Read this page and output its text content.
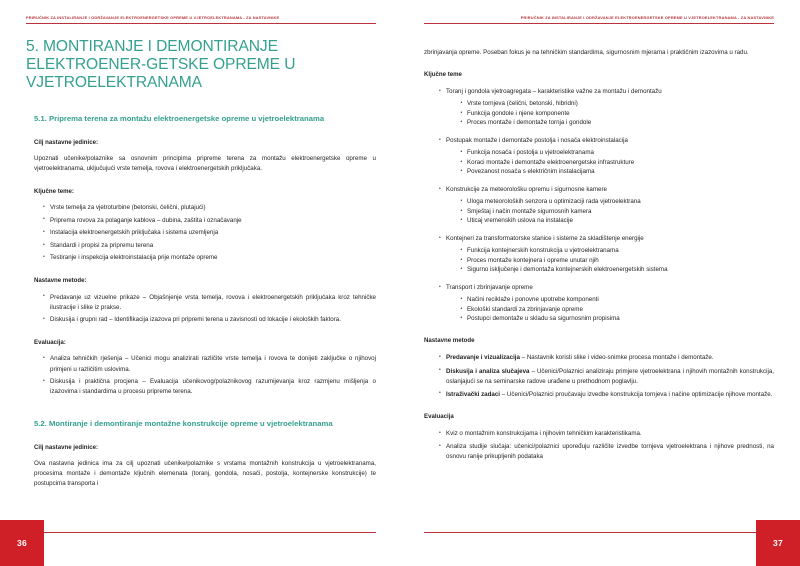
PRIRUČNIK ZA INSTALIRANJE I ODRŽAVANJE ELEKTROENERGETSKE OPREME U VJETROELEKTRANAMA - ZA NASTAVNIKE
5. MONTIRANJE I DEMONTIRANJE ELEKTROENER-GETSKE OPREME U VJETROELEKTRANAMA
5.1. Priprema terena za montažu elektroenergetske opreme u vjetroelektranama
Cilj nastavne jedinice:

Upoznati učenike/polaznike sa osnovnim principima pripreme terena za montažu elektroenergetske opreme u vjetroelektranama, uključujući vrste temelja, rovova i elektroenergetskih priključaka.

Ključne teme:
• Vrste temelja za vjetroturbine (betonski, čelični, plutajući)
• Priprema rovova za polaganje kablova – dubina, zaštita i označavanje
• Instalacija elektroenergetskih priključaka i sistema uzemljenja
• Standardi i propisi za pripremu terena
• Testiranje i inspekcija elektroinstalacija prije montaže opreme
Nastavne metode:
• Predavanje uz vizuelne prikaze – Objašnjenje vrsta temelja, rovova i elektroenergetskih priključaka kroz tehničke ilustracije i slike iz prakse.
• Diskusija i grupni rad – Identifikacija izazova pri pripremi terena u zavisnosti od lokacije i ekoloških faktora.
Evaluacija:
• Analiza tehničkih rješenja – Učenici mogu analizirati različite vrste temelja i rovova te donijeti zaključke o njihovoj primjeni u različitim uslovima.
• Diskusija i praktična procjena – Evaluacija učenikovog/polaznikovog razumijevanja kroz razmjenu mišljenja o izazovima i standardima u procesu pripreme terena.
5.2. Montiranje i demontiranje montažne konstrukcije opreme u vjetroelektranama
Cilj nastavne jedinice:

Ova nastavna jedinica ima za cilj upoznati učenike/polaznike s vrstama montažnih konstrukcija u vjetroelektranama, procesima montaže i demontaže ključnih elemenata (toranj, gondola, nosači, postolja, kontejnerske konstrukcije) te postupcima transporta i

36
PRIRUČNIK ZA INSTALIRANJE I ODRŽAVANJE ELEKTROENERGETSKE OPREME U VJETROELEKTRANAMA - ZA NASTAVNIKE

zbrinjavanja opreme. Poseban fokus je na tehničkim standardima, sigurnosnim mjerama i praktičnim izazovima u radu.

Ključne teme
• Toranj i gondola vjetroagregata – karakteristike važne za montažu i demontažu
• Vrste tornjeva (čelični, betonski, hibridni)
• Funkcija gondole i njene komponente
• Proces montaže i demontaže tornja i gondole
• Postupak montaže i demontaže postolja i nosača elektroinstalacija
• Funkcija nosača i postolja u vjetroelektranama
• Koraci montaže i demontaže elektroenergetske infrastrukture
• Povezanost nosača s električnim instalacijama
• Konstrukcije za meteorološku opremu i sigurnosne kamere
• Uloga meteoroloških senzora u optimizaciji rada vjetroelektrana
• Smještaj i način montaže sigurnosnih kamera
• Uticaj vremenskih uslova na instalacije
• Kontejneri za transformatorske stanice i sisteme za skladištenje energije
• Funkcija kontejnerskih konstrukcija u vjetroelektranama
• Proces montaže kontejnera i opreme unutar njih
• Sigurno isključenje i demontaža kontejnerskih elektroenergetskih sistema
• Transport i zbrinjavanje opreme
• Načini reciklaže i ponovne upotrebe komponenti
• Ekološki standardi za zbrinjavanje opreme
• Postupci demontaže u skladu sa sigurnosnim propisima
Nastavne metode
• Predavanje i vizualizacija – Nastavnik koristi slike i video-snimke procesa montaže i demontaže.
• Diskusija i analiza slučajeva – Učenici/Polaznici analiziraju primjere vjetroelektrana i njihovih montažnih konstrukcija, oslanjajući se na seminarske radove urađene u prethodnom poglavlju.
• Istraživački zadaci – Učenici/Polaznici proučavaju izvedbe konstrukcija tornjeva i načine optimizacije njihove montaže.
Evaluacija
• Kviz o montažnim konstrukcijama i njihovim tehničkim karakteristikama.
• Analiza studije slučaja: učenici/polaznici upoređuju različite izvedbe tornjeva vjetroelektrana i njihove prednosti, na osnovu ranije prikupljenih podataka
37
